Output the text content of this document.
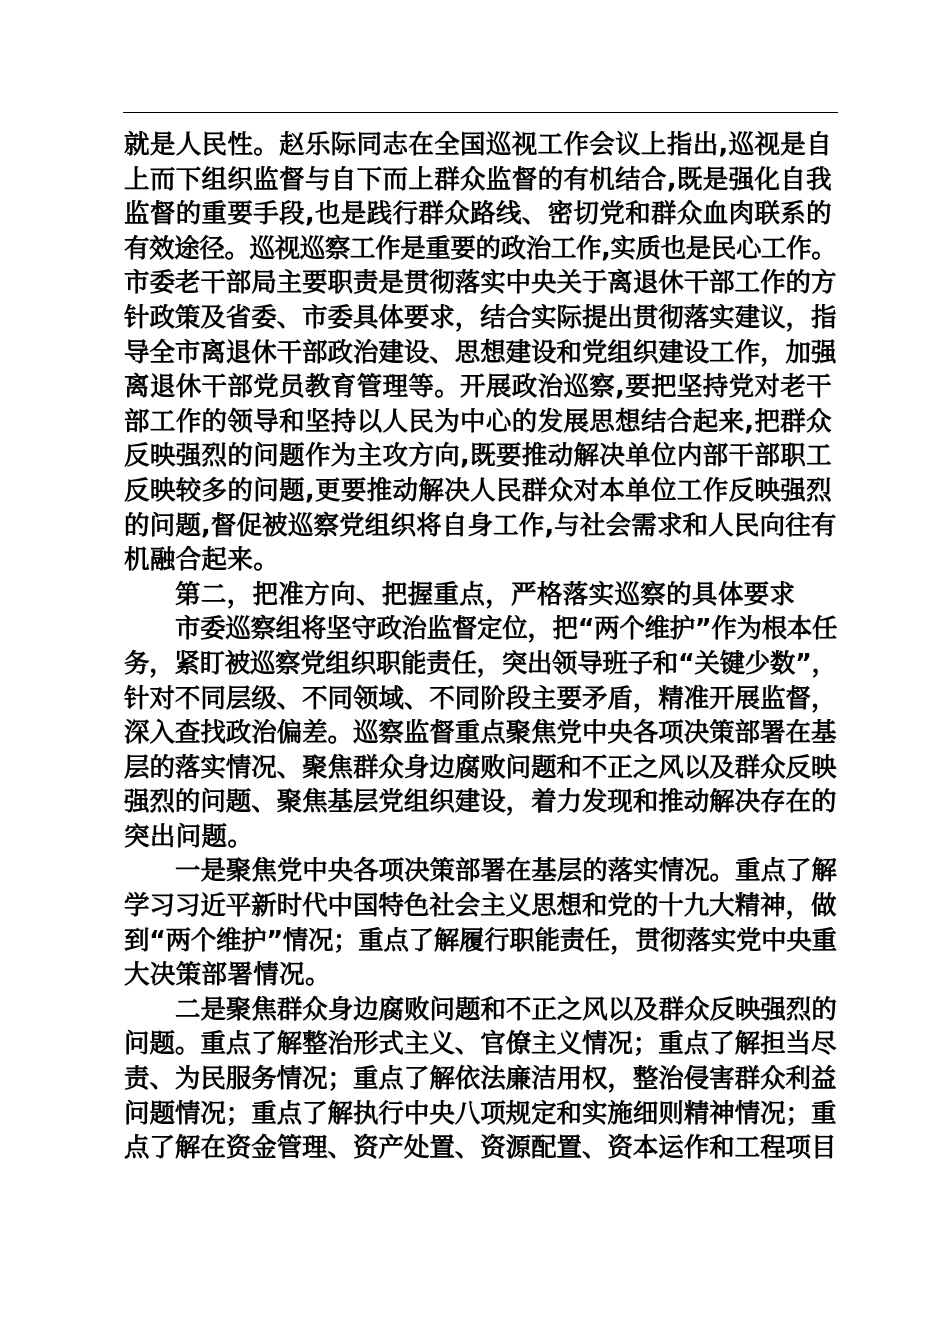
就是人民性。赵乐际同志在全国巡视工作会议上指出,巡视是自
上而下组织监督与自下而上群众监督的有机结合,既是强化自我
监督的重要手段,也是践行群众路线、密切党和群众血肉联系的
有效途径。巡视巡察工作是重要的政治工作,实质也是民心工作。
市委老干部局主要职责是贯彻落实中央关于离退休干部工作的方
针政策及省委、市委具体要求，结合实际提出贯彻落实建议，指
导全市离退休干部政治建设、思想建设和党组织建设工作，加强
离退休干部党员教育管理等。开展政治巡察,要把坚持党对老干
部工作的领导和坚持以人民为中心的发展思想结合起来,把群众
反映强烈的问题作为主攻方向,既要推动解决单位内部干部职工
反映较多的问题,更要推动解决人民群众对本单位工作反映强烈
的问题,督促被巡察党组织将自身工作,与社会需求和人民向往有
机融合起来。
第二，把准方向、把握重点，严格落实巡察的具体要求
市委巡察组将坚守政治监督定位，把“两个维护”作为根本任
务，紧盯被巡察党组织职能责任，突出领导班子和“关键少数”，
针对不同层级、不同领域、不同阶段主要矛盾，精准开展监督，
深入查找政治偏差。巡察监督重点聚焦党中央各项决策部署在基
层的落实情况、聚焦群众身边腐败问题和不正之风以及群众反映
强烈的问题、聚焦基层党组织建设，着力发现和推动解决存在的
突出问题。
一是聚焦党中央各项决策部署在基层的落实情况。重点了解
学习习近平新时代中国特色社会主义思想和党的十九大精神，做
到“两个维护”情况；重点了解履行职能责任，贯彻落实党中央重
大决策部署情况。
二是聚焦群众身边腐败问题和不正之风以及群众反映强烈的
问题。重点了解整治形式主义、官僚主义情况；重点了解担当尽
责、为民服务情况；重点了解依法廉洁用权，整治侵害群众利益
问题情况；重点了解执行中央八项规定和实施细则精神情况；重
点了解在资金管理、资产处置、资源配置、资本运作和工程项目
